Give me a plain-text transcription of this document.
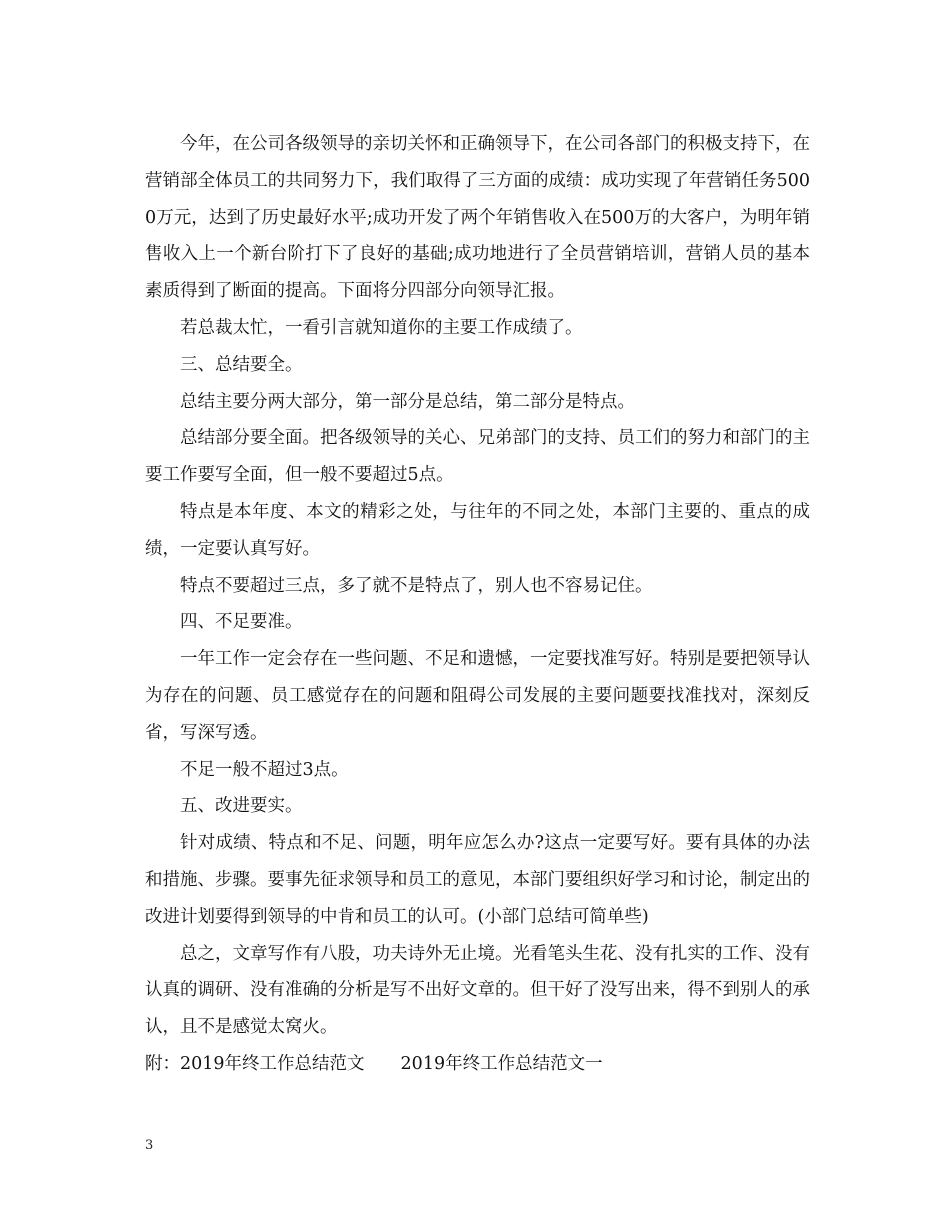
今年，在公司各级领导的亲切关怀和正确领导下，在公司各部门的积极支持下，在营销部全体员工的共同努力下，我们取得了三方面的成绩：成功实现了年营销任务5000万元，达到了历史最好水平;成功开发了两个年销售收入在500万的大客户，为明年销售收入上一个新台阶打下了良好的基础;成功地进行了全员营销培训，营销人员的基本素质得到了断面的提高。下面将分四部分向领导汇报。

若总裁太忙，一看引言就知道你的主要工作成绩了。

三、总结要全。

总结主要分两大部分，第一部分是总结，第二部分是特点。

总结部分要全面。把各级领导的关心、兄弟部门的支持、员工们的努力和部门的主要工作要写全面，但一般不要超过5点。

特点是本年度、本文的精彩之处，与往年的不同之处，本部门主要的、重点的成绩，一定要认真写好。

特点不要超过三点，多了就不是特点了，别人也不容易记住。

四、不足要准。

一年工作一定会存在一些问题、不足和遗憾，一定要找准写好。特别是要把领导认为存在的问题、员工感觉存在的问题和阻碍公司发展的主要问题要找准找对，深刻反省，写深写透。

不足一般不超过3点。

五、改进要实。

针对成绩、特点和不足、问题，明年应怎么办?这点一定要写好。要有具体的办法和措施、步骤。要事先征求领导和员工的意见，本部门要组织好学习和讨论，制定出的改进计划要得到领导的中肯和员工的认可。(小部门总结可简单些)

总之，文章写作有八股，功夫诗外无止境。光看笔头生花、没有扎实的工作、没有认真的调研、没有准确的分析是写不出好文章的。但干好了没写出来，得不到别人的承认，且不是感觉太窝火。

附：2019年终工作总结范文 2019年终工作总结范文一

3
